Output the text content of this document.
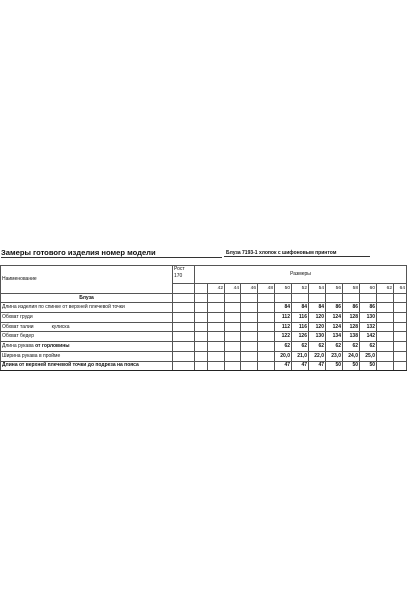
Замеры готового изделия номер модели	Блуза 7193-1 хлопок с шифоновым принтом
Наименование	Рост
170	Размеры												
			42	44	46	48	50	52	54	56	58	60	62	64
Блуза														
Длина изделия по спинке от верхней плечевой точки							84	84	84	86	86	86		
Обхват груди							112	116	120	124	128	130		
Обхват талии кулиска							112	116	120	124	128	132		
Обхват бедер							122	126	130	134	138	142		
Длина рукава от горловины							62	62	62	62	62	62		
Ширина рукава в пройме							20,0	21,0	22,0	23,0	24,0	25,0		
Длина от верхней плечевой точки до подреза на пояса							47	47	47	50	50	50		
